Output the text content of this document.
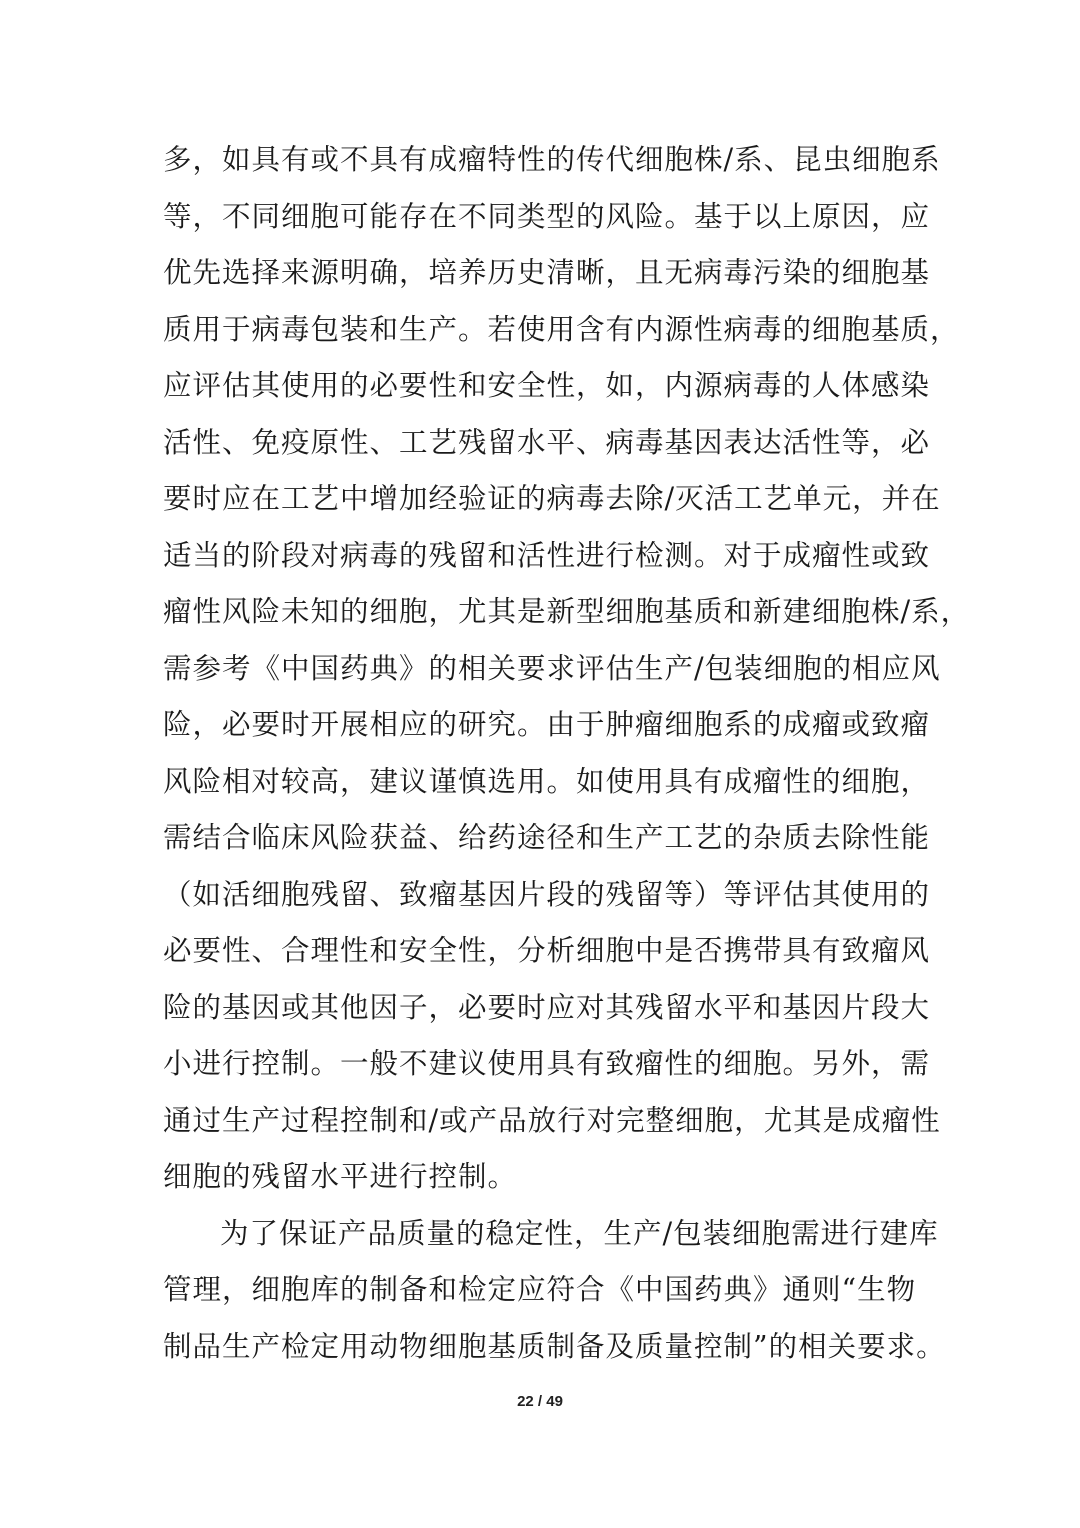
多，如具有或不具有成瘤特性的传代细胞株/系、昆虫细胞系
等，不同细胞可能存在不同类型的风险。基于以上原因，应
优先选择来源明确，培养历史清晰，且无病毒污染的细胞基
质用于病毒包装和生产。若使用含有内源性病毒的细胞基质，
应评估其使用的必要性和安全性，如，内源病毒的人体感染
活性、免疫原性、工艺残留水平、病毒基因表达活性等，必
要时应在工艺中增加经验证的病毒去除/灭活工艺单元，并在
适当的阶段对病毒的残留和活性进行检测。对于成瘤性或致
瘤性风险未知的细胞，尤其是新型细胞基质和新建细胞株/系，
需参考《中国药典》的相关要求评估生产/包装细胞的相应风
险，必要时开展相应的研究。由于肿瘤细胞系的成瘤或致瘤
风险相对较高，建议谨慎选用。如使用具有成瘤性的细胞，
需结合临床风险获益、给药途径和生产工艺的杂质去除性能
（如活细胞残留、致瘤基因片段的残留等）等评估其使用的
必要性、合理性和安全性，分析细胞中是否携带具有致瘤风
险的基因或其他因子，必要时应对其残留水平和基因片段大
小进行控制。一般不建议使用具有致瘤性的细胞。另外，需
通过生产过程控制和/或产品放行对完整细胞，尤其是成瘤性
细胞的残留水平进行控制。
为了保证产品质量的稳定性，生产/包装细胞需进行建库
管理，细胞库的制备和检定应符合《中国药典》通则“生物
制品生产检定用动物细胞基质制备及质量控制”的相关要求。
22 / 49
